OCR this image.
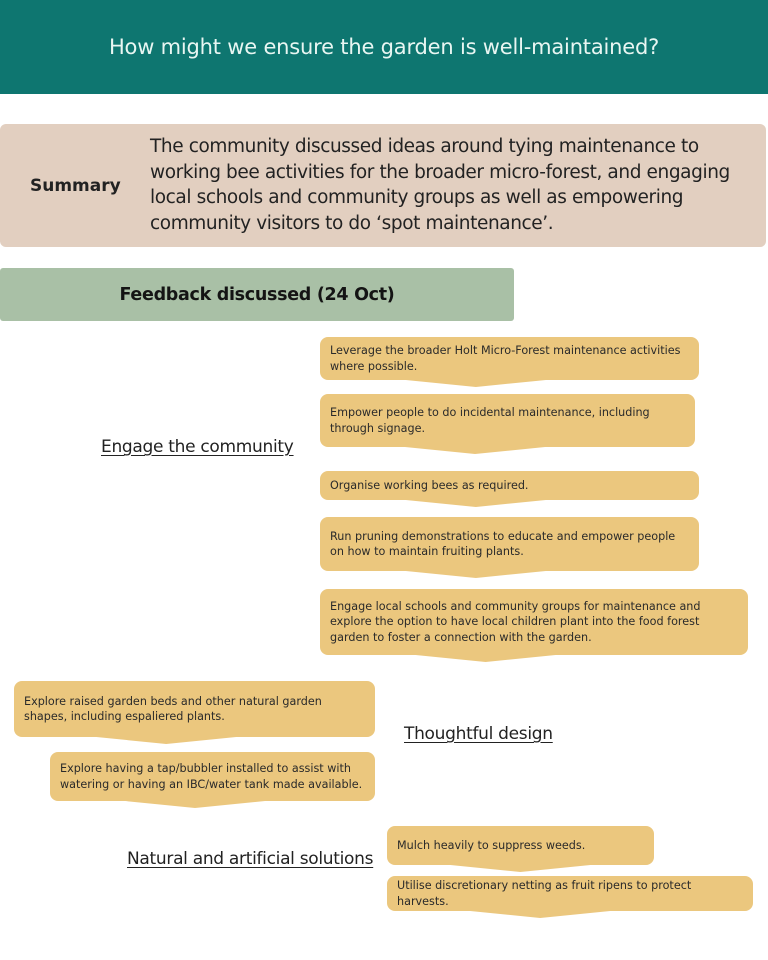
How might we ensure the garden is well-maintained?
Summary
The community discussed ideas around tying maintenance to working bee activities for the broader micro-forest, and engaging local schools and community groups as well as empowering community visitors to do ‘spot maintenance’.
Feedback discussed (24 Oct)
Engage the community
Leverage the broader Holt Micro-Forest maintenance activities where possible.
Empower people to do incidental maintenance, including through signage.
Organise working bees as required.
Run pruning demonstrations to educate and empower people on how to maintain fruiting plants.
Engage local schools and community groups for maintenance and explore the option to have local children plant into the food forest garden to foster a connection with the garden.
Thoughtful design
Explore raised garden beds and other natural garden shapes, including espaliered plants.
Explore having a tap/bubbler installed to assist with watering or having an IBC/water tank made available.
Natural and artificial solutions
Mulch heavily to suppress weeds.
Utilise discretionary netting as fruit ripens to protect harvests.
